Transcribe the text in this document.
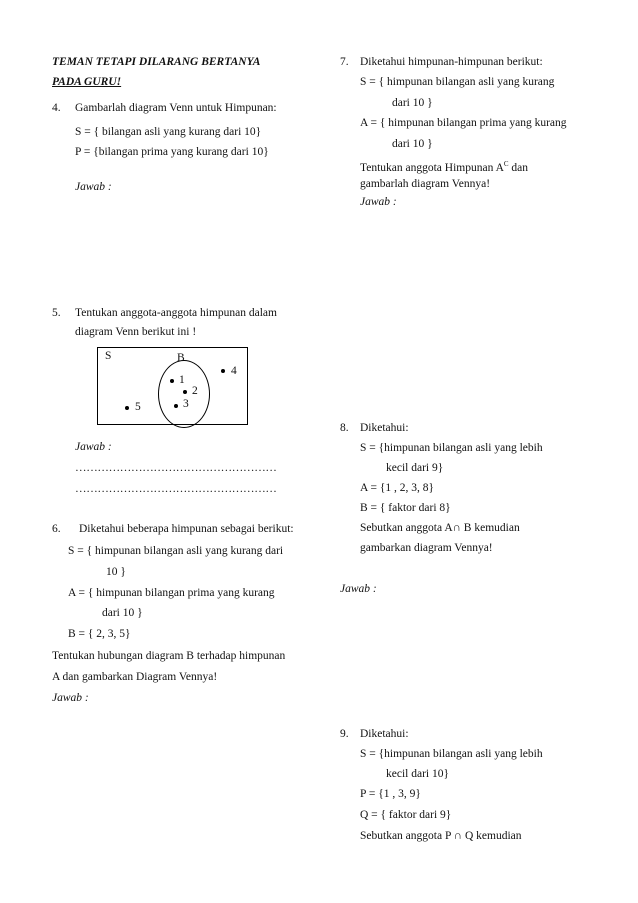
TEMAN TETAPI DILARANG BERTANYA
PADA GURU!
4. Gambarlah diagram Venn untuk Himpunan:
S = { bilangan asli yang kurang dari 10}
P = {bilangan prima yang kurang dari 10}
Jawab :
5. Tentukan anggota-anggota himpunan dalam
diagram Venn berikut ini !
S	B
4
1
2
3
5
Jawab :
………………………………………………
………………………………………………
6. Diketahui beberapa himpunan sebagai berikut:
S = { himpunan bilangan asli yang kurang dari
10 }
A = { himpunan bilangan prima yang kurang
dari 10 }
B = { 2, 3, 5}
Tentukan hubungan diagram B terhadap himpunan
A dan gambarkan Diagram Vennya!
Jawab :
7. Diketahui himpunan-himpunan berikut:
S = { himpunan bilangan asli yang kurang
dari 10 }
A = { himpunan bilangan prima yang kurang
dari 10 }
Tentukan anggota Himpunan $A^C$ dan
gambarlah diagram Vennya!
Jawab :
8. Diketahui:
S = {himpunan bilangan asli yang lebih
kecil dari 9}
A = {1 , 2, 3, 8}
B = { faktor dari 8}
Sebutkan anggota A∩ B kemudian
gambarkan diagram Vennya!
Jawab :
9. Diketahui:
S = {himpunan bilangan asli yang lebih
kecil dari 10}
P = {1 , 3, 9}
Q = { faktor dari 9}
Sebutkan anggota P ∩ Q kemudian
